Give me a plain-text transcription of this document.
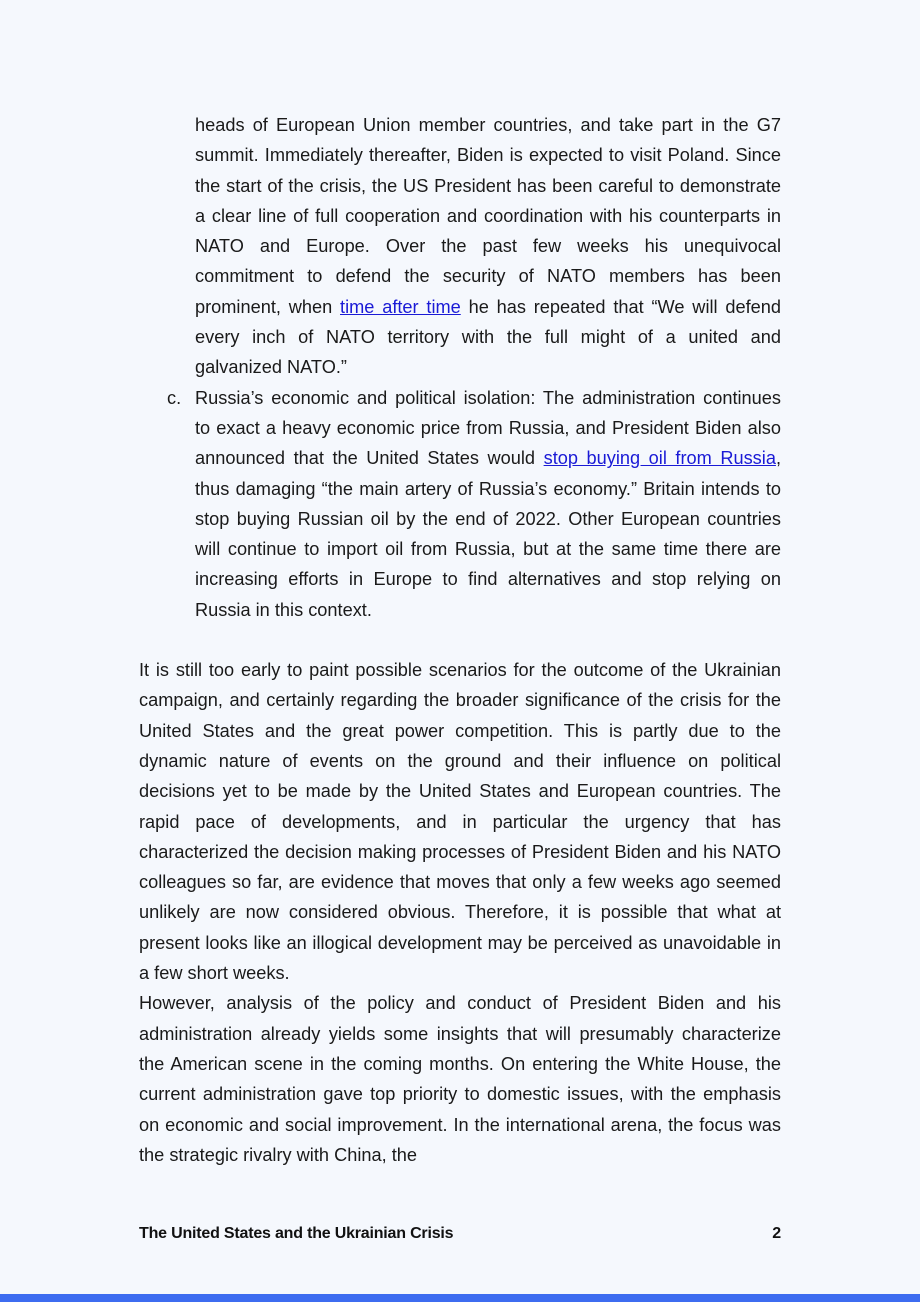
heads of European Union member countries, and take part in the G7 summit. Immediately thereafter, Biden is expected to visit Poland. Since the start of the crisis, the US President has been careful to demonstrate a clear line of full cooperation and coordination with his counterparts in NATO and Europe. Over the past few weeks his unequivocal commitment to defend the security of NATO members has been prominent, when time after time he has repeated that “We will defend every inch of NATO territory with the full might of a united and galvanized NATO.”
c. Russia’s economic and political isolation: The administration continues to exact a heavy economic price from Russia, and President Biden also announced that the United States would stop buying oil from Russia, thus damaging “the main artery of Russia’s economy.” Britain intends to stop buying Russian oil by the end of 2022. Other European countries will continue to import oil from Russia, but at the same time there are increasing efforts in Europe to find alternatives and stop relying on Russia in this context.

It is still too early to paint possible scenarios for the outcome of the Ukrainian campaign, and certainly regarding the broader significance of the crisis for the United States and the great power competition. This is partly due to the dynamic nature of events on the ground and their influence on political decisions yet to be made by the United States and European countries. The rapid pace of developments, and in particular the urgency that has characterized the decision making processes of President Biden and his NATO colleagues so far, are evidence that moves that only a few weeks ago seemed unlikely are now considered obvious. Therefore, it is possible that what at present looks like an illogical development may be perceived as unavoidable in a few short weeks.

However, analysis of the policy and conduct of President Biden and his administration already yields some insights that will presumably characterize the American scene in the coming months. On entering the White House, the current administration gave top priority to domestic issues, with the emphasis on economic and social improvement. In the international arena, the focus was the strategic rivalry with China, the

The United States and the Ukrainian Crisis	2
